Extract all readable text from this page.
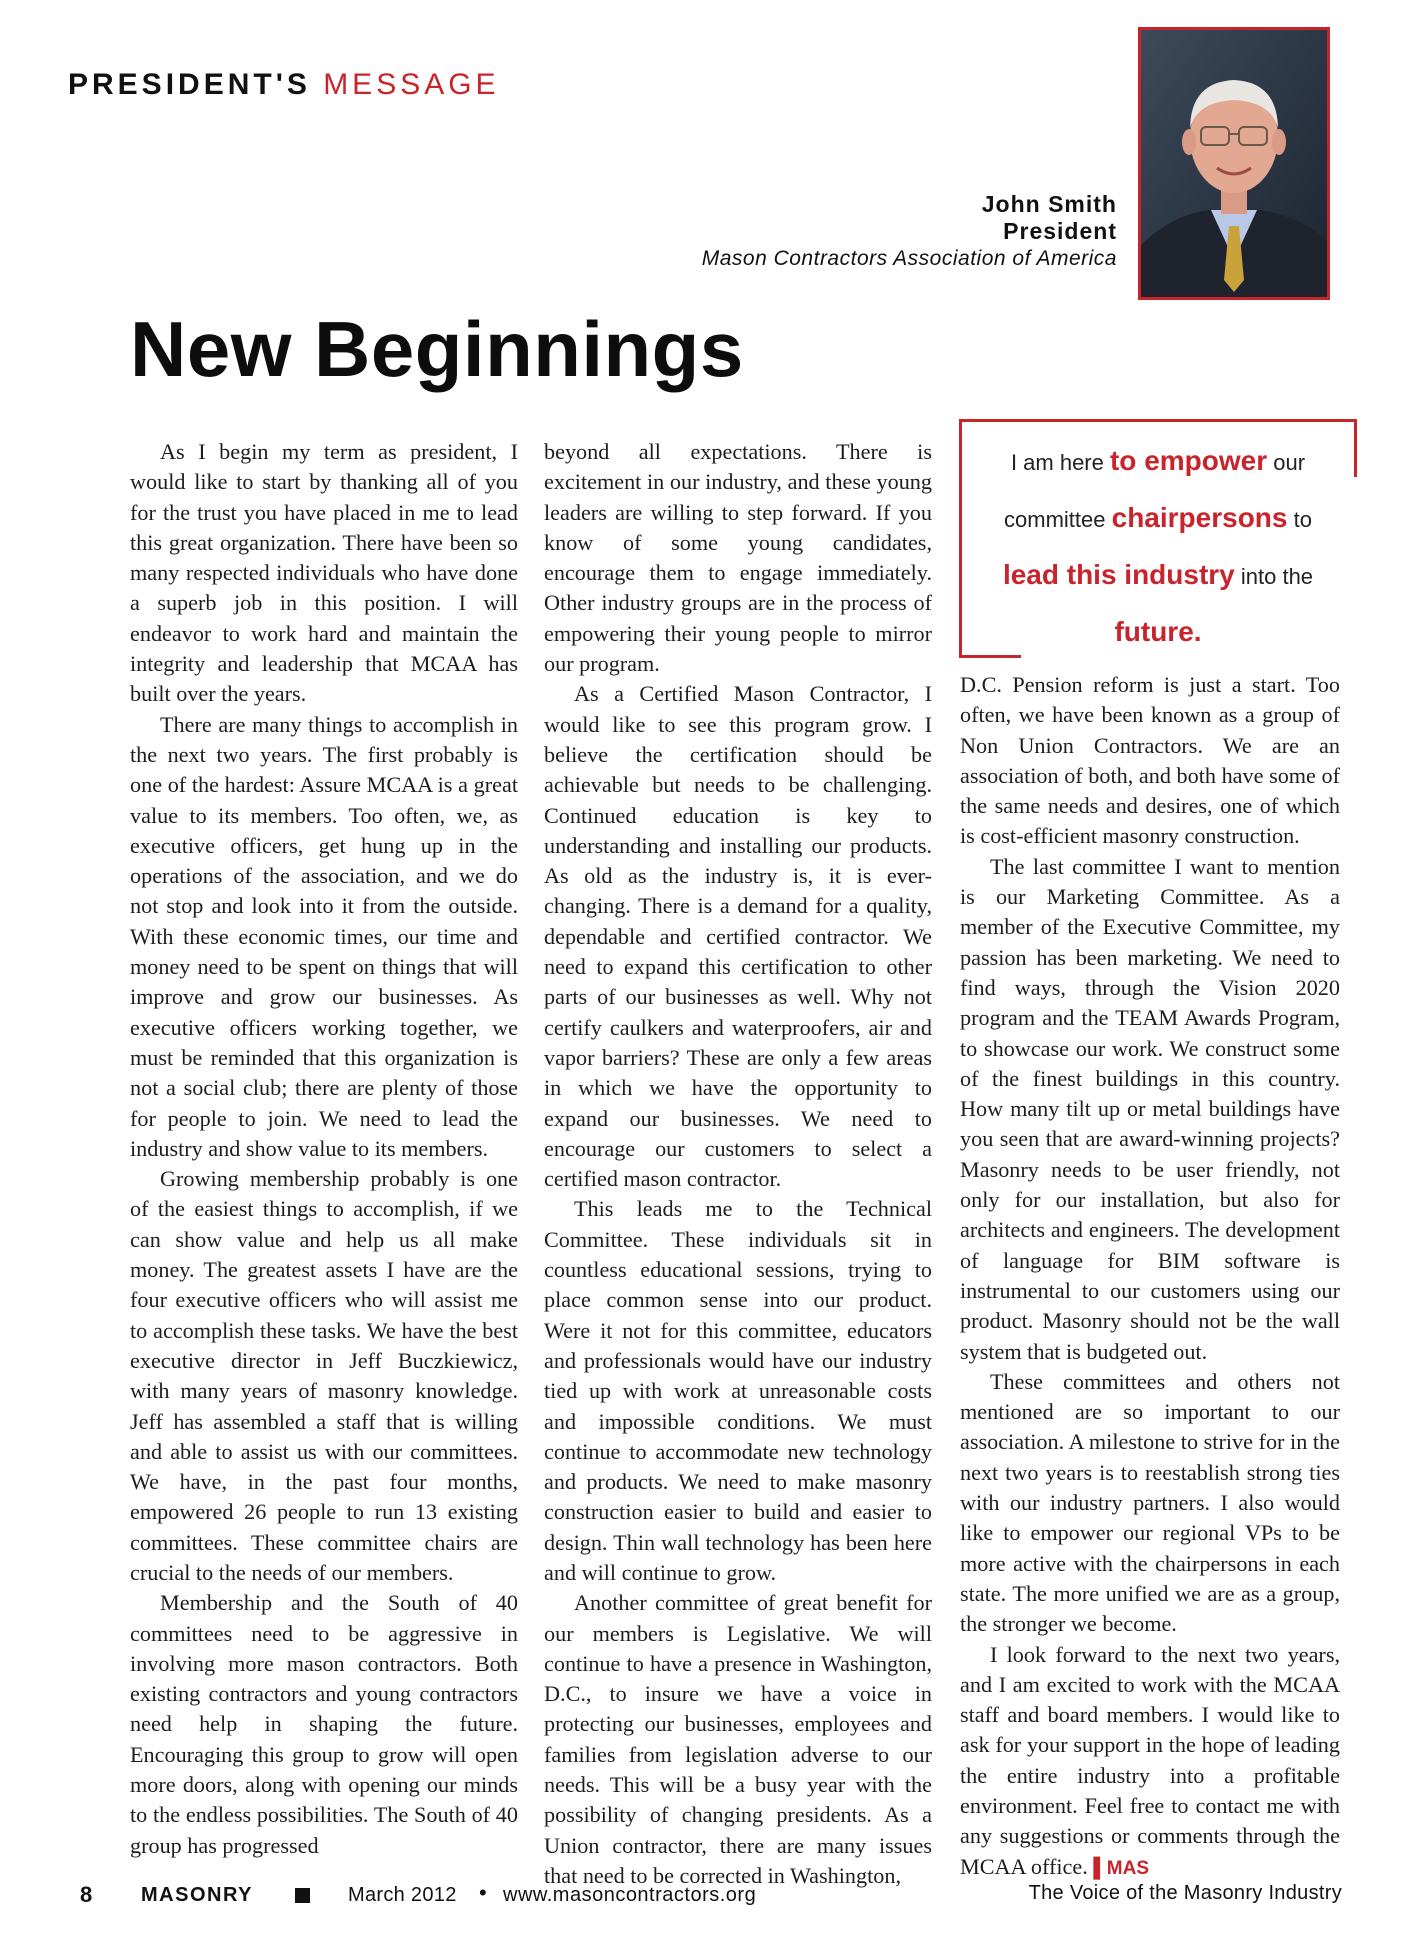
PRESIDENT'S MESSAGE
John Smith
President
Mason Contractors Association of America
New Beginnings
I am here to empower our committee chairpersons to lead this industry into the future.

As I begin my term as president, I would like to start by thanking all of you for the trust you have placed in me to lead this great organization. There have been so many respected individuals who have done a superb job in this position. I will endeavor to work hard and maintain the integrity and leadership that MCAA has built over the years.

There are many things to accomplish in the next two years. The first probably is one of the hardest: Assure MCAA is a great value to its members. Too often, we, as executive officers, get hung up in the operations of the association, and we do not stop and look into it from the outside. With these economic times, our time and money need to be spent on things that will improve and grow our businesses. As executive officers working together, we must be reminded that this organization is not a social club; there are plenty of those for people to join. We need to lead the industry and show value to its members.

Growing membership probably is one of the easiest things to accomplish, if we can show value and help us all make money. The greatest assets I have are the four executive officers who will assist me to accomplish these tasks. We have the best executive director in Jeff Buczkiewicz, with many years of masonry knowledge. Jeff has assembled a staff that is willing and able to assist us with our committees. We have, in the past four months, empowered 26 people to run 13 existing committees. These committee chairs are crucial to the needs of our members.

Membership and the South of 40 committees need to be aggressive in involving more mason contractors. Both existing contractors and young contractors need help in shaping the future. Encouraging this group to grow will open more doors, along with opening our minds to the endless possibilities. The South of 40 group has progressed

beyond all expectations. There is excitement in our industry, and these young leaders are willing to step forward. If you know of some young candidates, encourage them to engage immediately. Other industry groups are in the process of empowering their young people to mirror our program.

As a Certified Mason Contractor, I would like to see this program grow. I believe the certification should be achievable but needs to be challenging. Continued education is key to understanding and installing our products. As old as the industry is, it is ever-changing. There is a demand for a quality, dependable and certified contractor. We need to expand this certification to other parts of our businesses as well. Why not certify caulkers and waterproofers, air and vapor barriers? These are only a few areas in which we have the opportunity to expand our businesses. We need to encourage our customers to select a certified mason contractor.

This leads me to the Technical Committee. These individuals sit in countless educational sessions, trying to place common sense into our product. Were it not for this committee, educators and professionals would have our industry tied up with work at unreasonable costs and impossible conditions. We must continue to accommodate new technology and products. We need to make masonry construction easier to build and easier to design. Thin wall technology has been here and will continue to grow.

Another committee of great benefit for our members is Legislative. We will continue to have a presence in Washington, D.C., to insure we have a voice in protecting our businesses, employees and families from legislation adverse to our needs. This will be a busy year with the possibility of changing presidents. As a Union contractor, there are many issues that need to be corrected in Washington,

D.C. Pension reform is just a start. Too often, we have been known as a group of Non Union Contractors. We are an association of both, and both have some of the same needs and desires, one of which is cost-efficient masonry construction.

The last committee I want to mention is our Marketing Committee. As a member of the Executive Committee, my passion has been marketing. We need to find ways, through the Vision 2020 program and the TEAM Awards Program, to showcase our work. We construct some of the finest buildings in this country. How many tilt up or metal buildings have you seen that are award-winning projects? Masonry needs to be user friendly, not only for our installation, but also for architects and engineers. The development of language for BIM software is instrumental to our customers using our product. Masonry should not be the wall system that is budgeted out.

These committees and others not mentioned are so important to our association. A milestone to strive for in the next two years is to reestablish strong ties with our industry partners. I also would like to empower our regional VPs to be more active with the chairpersons in each state. The more unified we are as a group, the stronger we become.

I look forward to the next two years, and I am excited to work with the MCAA staff and board members. I would like to ask for your support in the hope of leading the entire industry into a profitable environment. Feel free to contact me with any suggestions or comments through the MCAA office. ▌MAS

8 MASONRY	March 2012 • www.masoncontractors.org	The Voice of the Masonry Industry
